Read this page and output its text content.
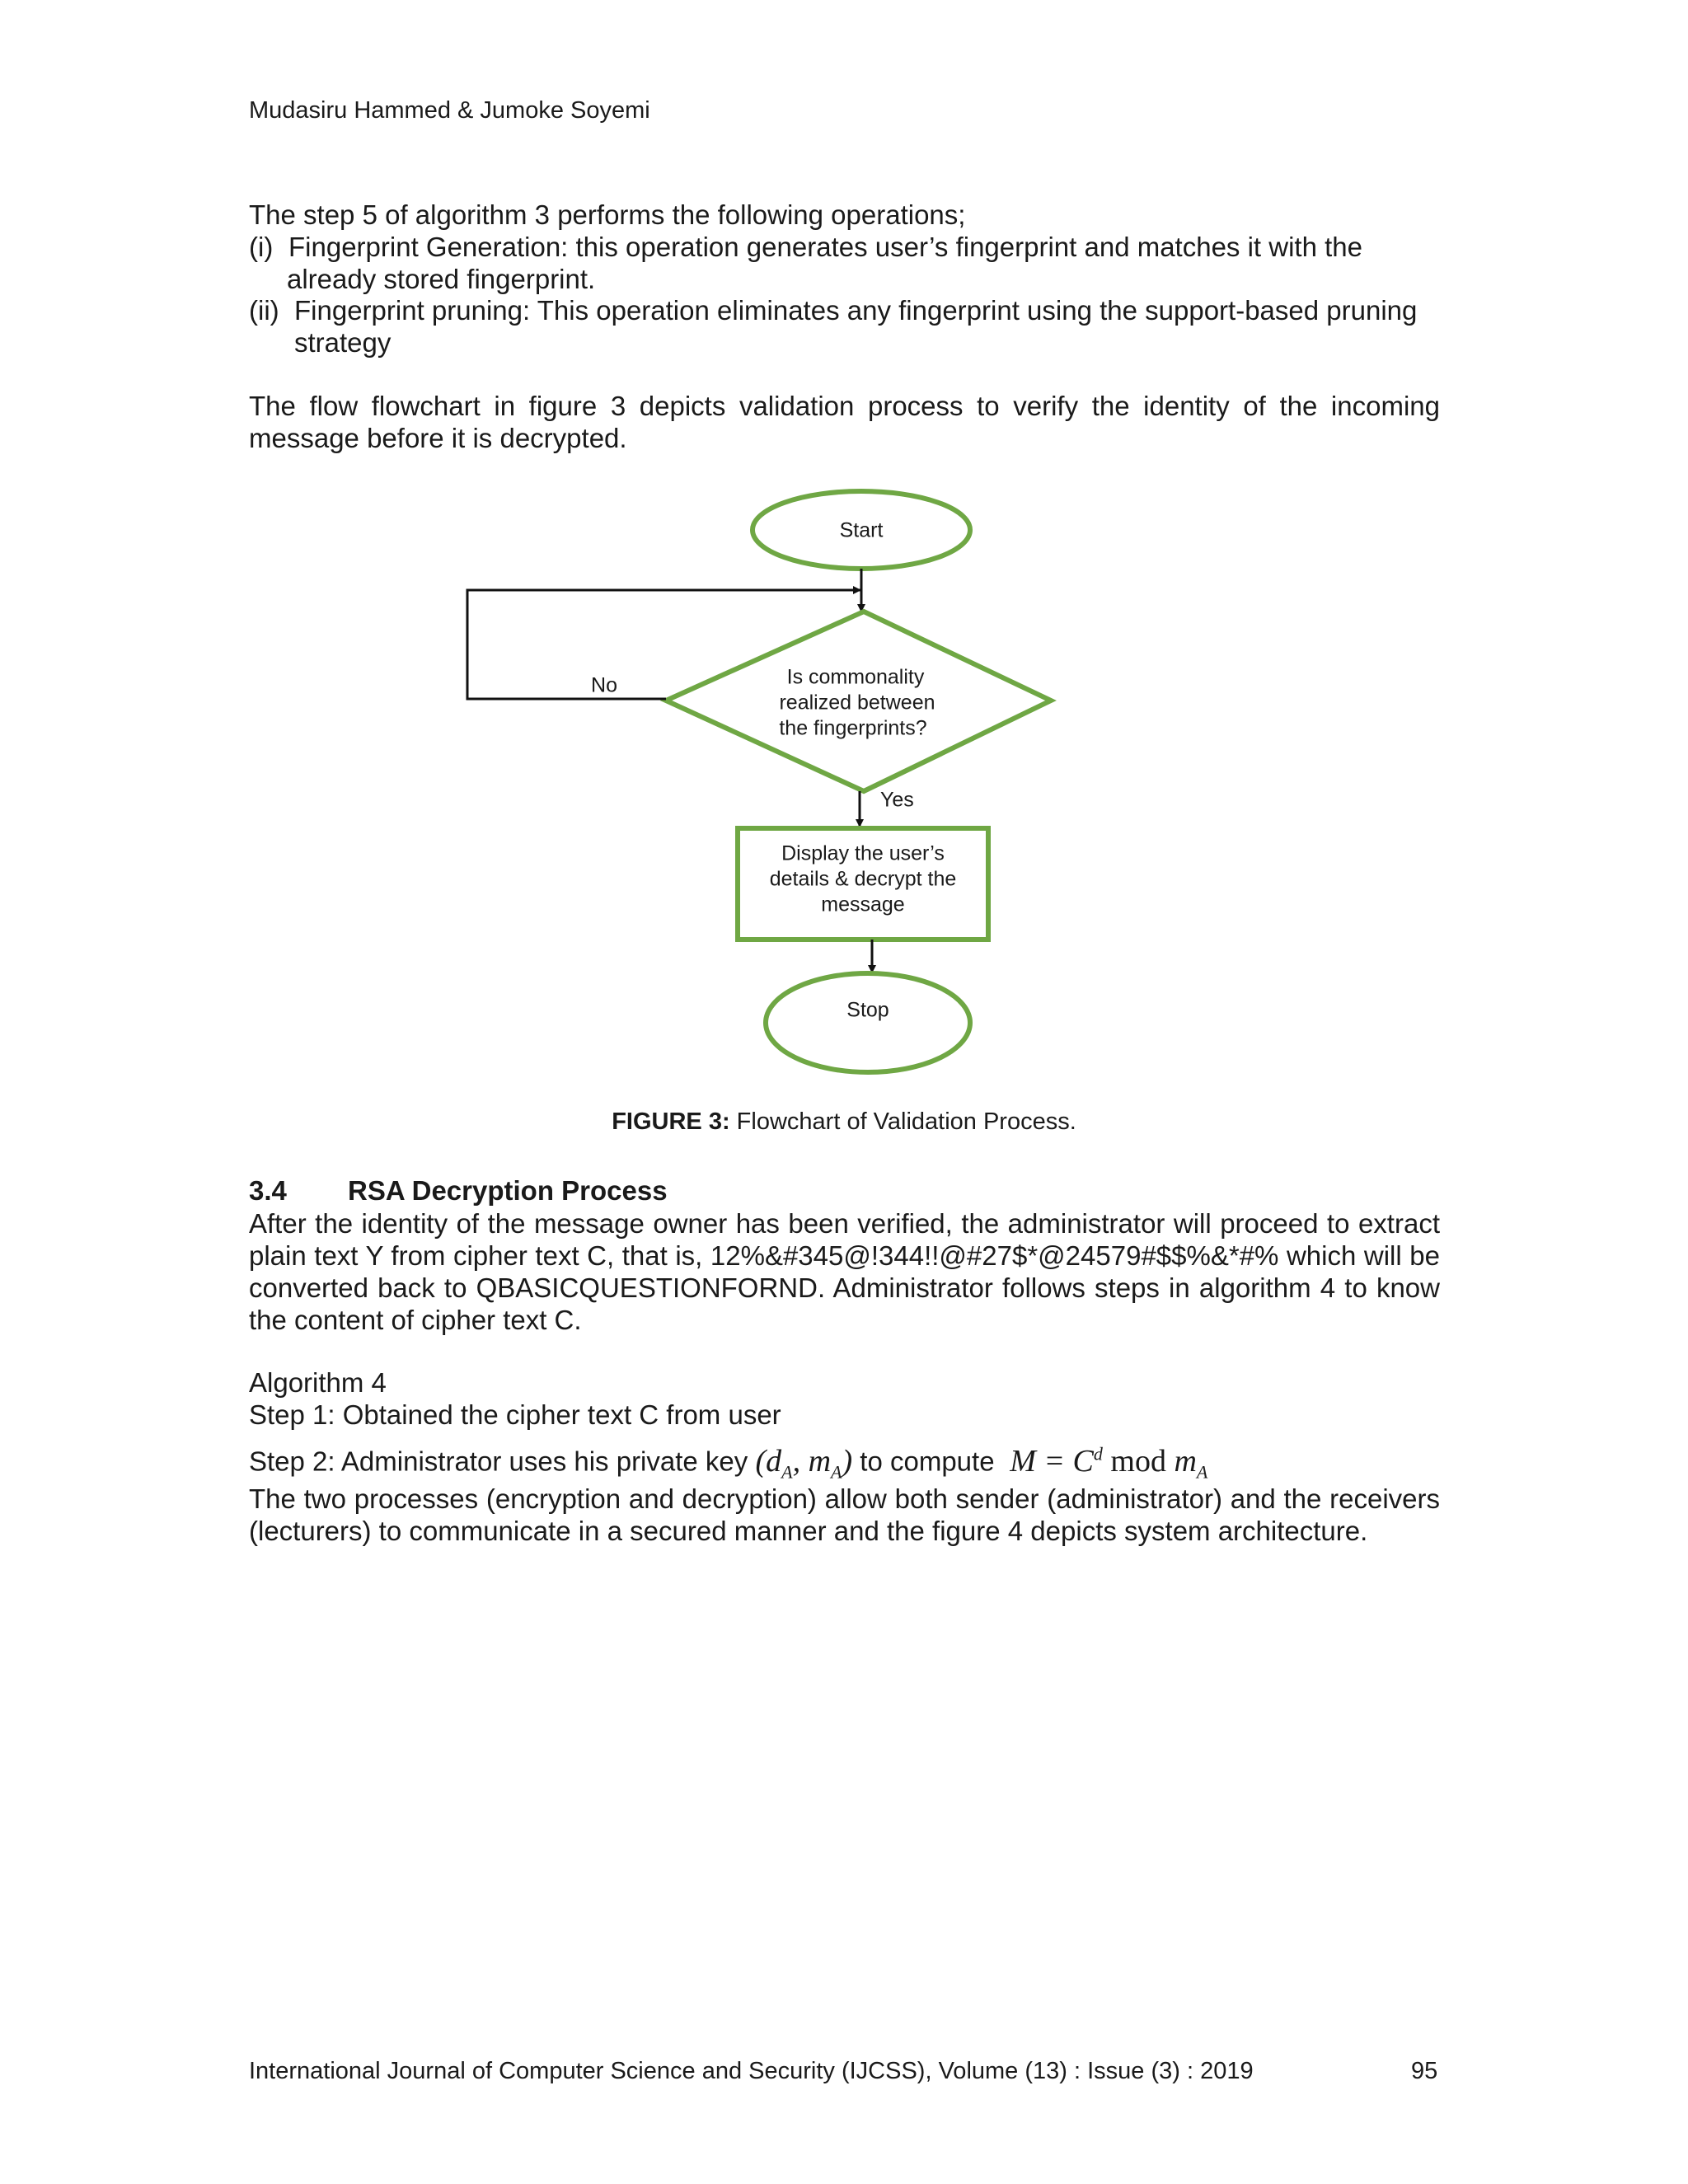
Mudasiru Hammed & Jumoke Soyemi
The step 5 of algorithm 3 performs the following operations;
(i) Fingerprint Generation: this operation generates user’s fingerprint and matches it with the
already stored fingerprint.
(ii) Fingerprint pruning: This operation eliminates any fingerprint using the support-based pruning
strategy
The flow flowchart in figure 3 depicts validation process to verify the identity of the incoming message before it is decrypted.
Start
Is commonality
realized between
the fingerprints?
No
Yes
Display the user’s
details & decrypt the
message
Stop
FIGURE 3: Flowchart of Validation Process.
3.4 RSA Decryption Process
After the identity of the message owner has been verified, the administrator will proceed to extract plain text Y from cipher text C, that is, 12%&#345@!344!!@#27$*@24579#$$%&*#% which will be converted back to QBASICQUESTIONFORND. Administrator follows steps in algorithm 4 to know the content of cipher text C.
Algorithm 4
Step 1: Obtained the cipher text C from user
Step 2: Administrator uses his private key ($d_A$, $m_A$) to compute  $M = C^d$ mod $m_A$
The two processes (encryption and decryption) allow both sender (administrator) and the receivers (lecturers) to communicate in a secured manner and the figure 4 depicts system architecture.
International Journal of Computer Science and Security (IJCSS), Volume (13) : Issue (3) : 2019	95
